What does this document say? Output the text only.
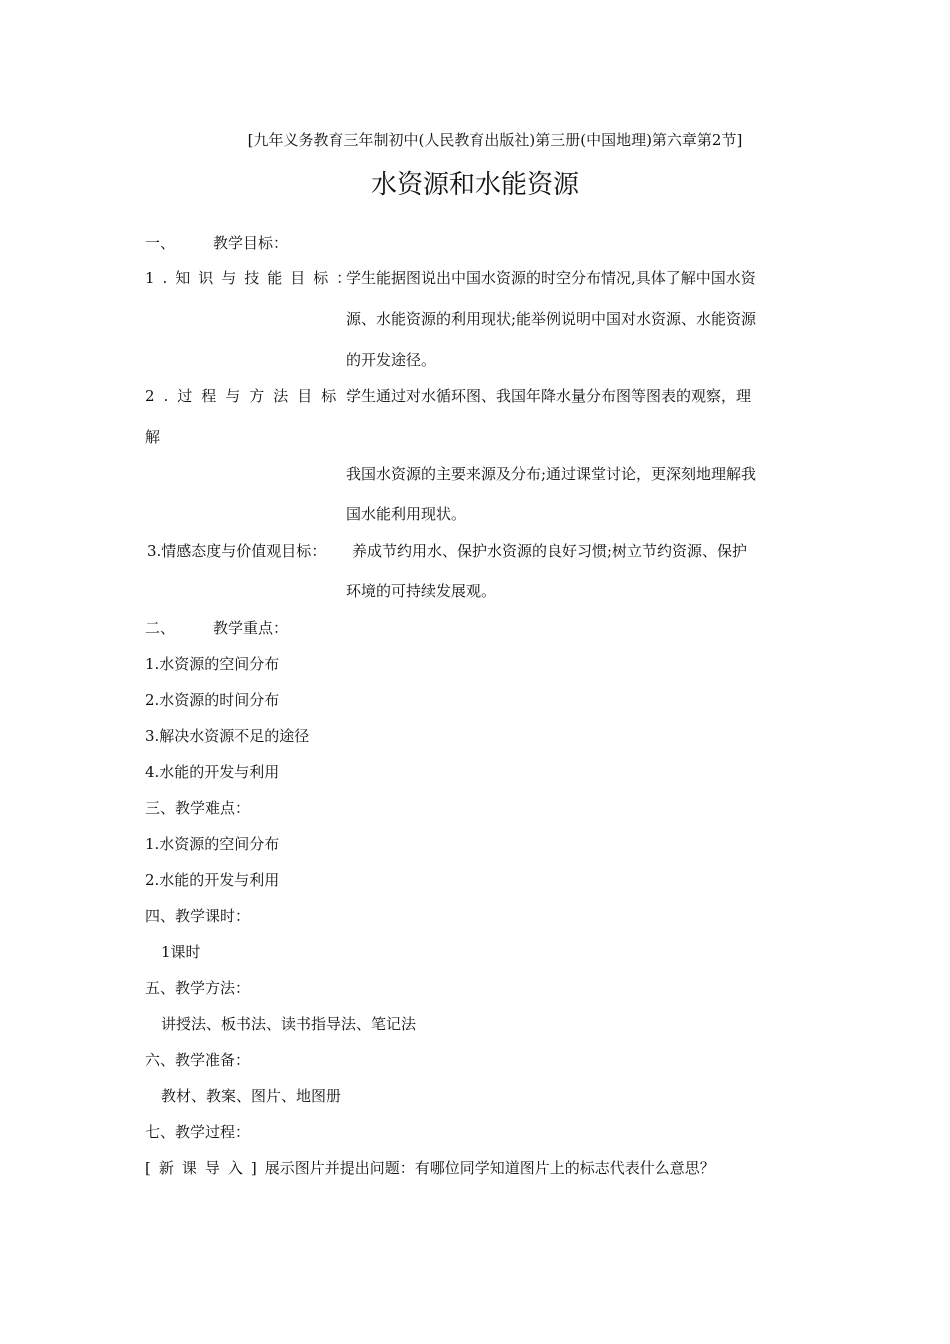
[九年义务教育三年制初中(人民教育出版社)第三册(中国地理)第六章第2节]
水资源和水能资源
一、	教学目标：
1.知识与技能目标：
学生能据图说出中国水资源的时空分布情况,具体了解中国水资
源、水能资源的利用现状;能举例说明中国对水资源、水能资源
的开发途径。
2.过程与方法目标：
学生通过对水循环图、我国年降水量分布图等图表的观察，理
解
我国水资源的主要来源及分布;通过课堂讨论，更深刻地理解我
国水能利用现状。
3.情感态度与价值观目标： 养成节约用水、保护水资源的良好习惯;树立节约资源、保护
环境的可持续发展观。
二、	教学重点：
1.水资源的空间分布
2.水资源的时间分布
3.解决水资源不足的途径
4.水能的开发与利用
三、教学难点：
1.水资源的空间分布
2.水能的开发与利用
四、教学课时：
1课时
五、教学方法：
讲授法、板书法、读书指导法、笔记法
六、教学准备：
教材、教案、图片、地图册
七、教学过程：
[新课导入]展示图片并提出问题：有哪位同学知道图片上的标志代表什么意思？
